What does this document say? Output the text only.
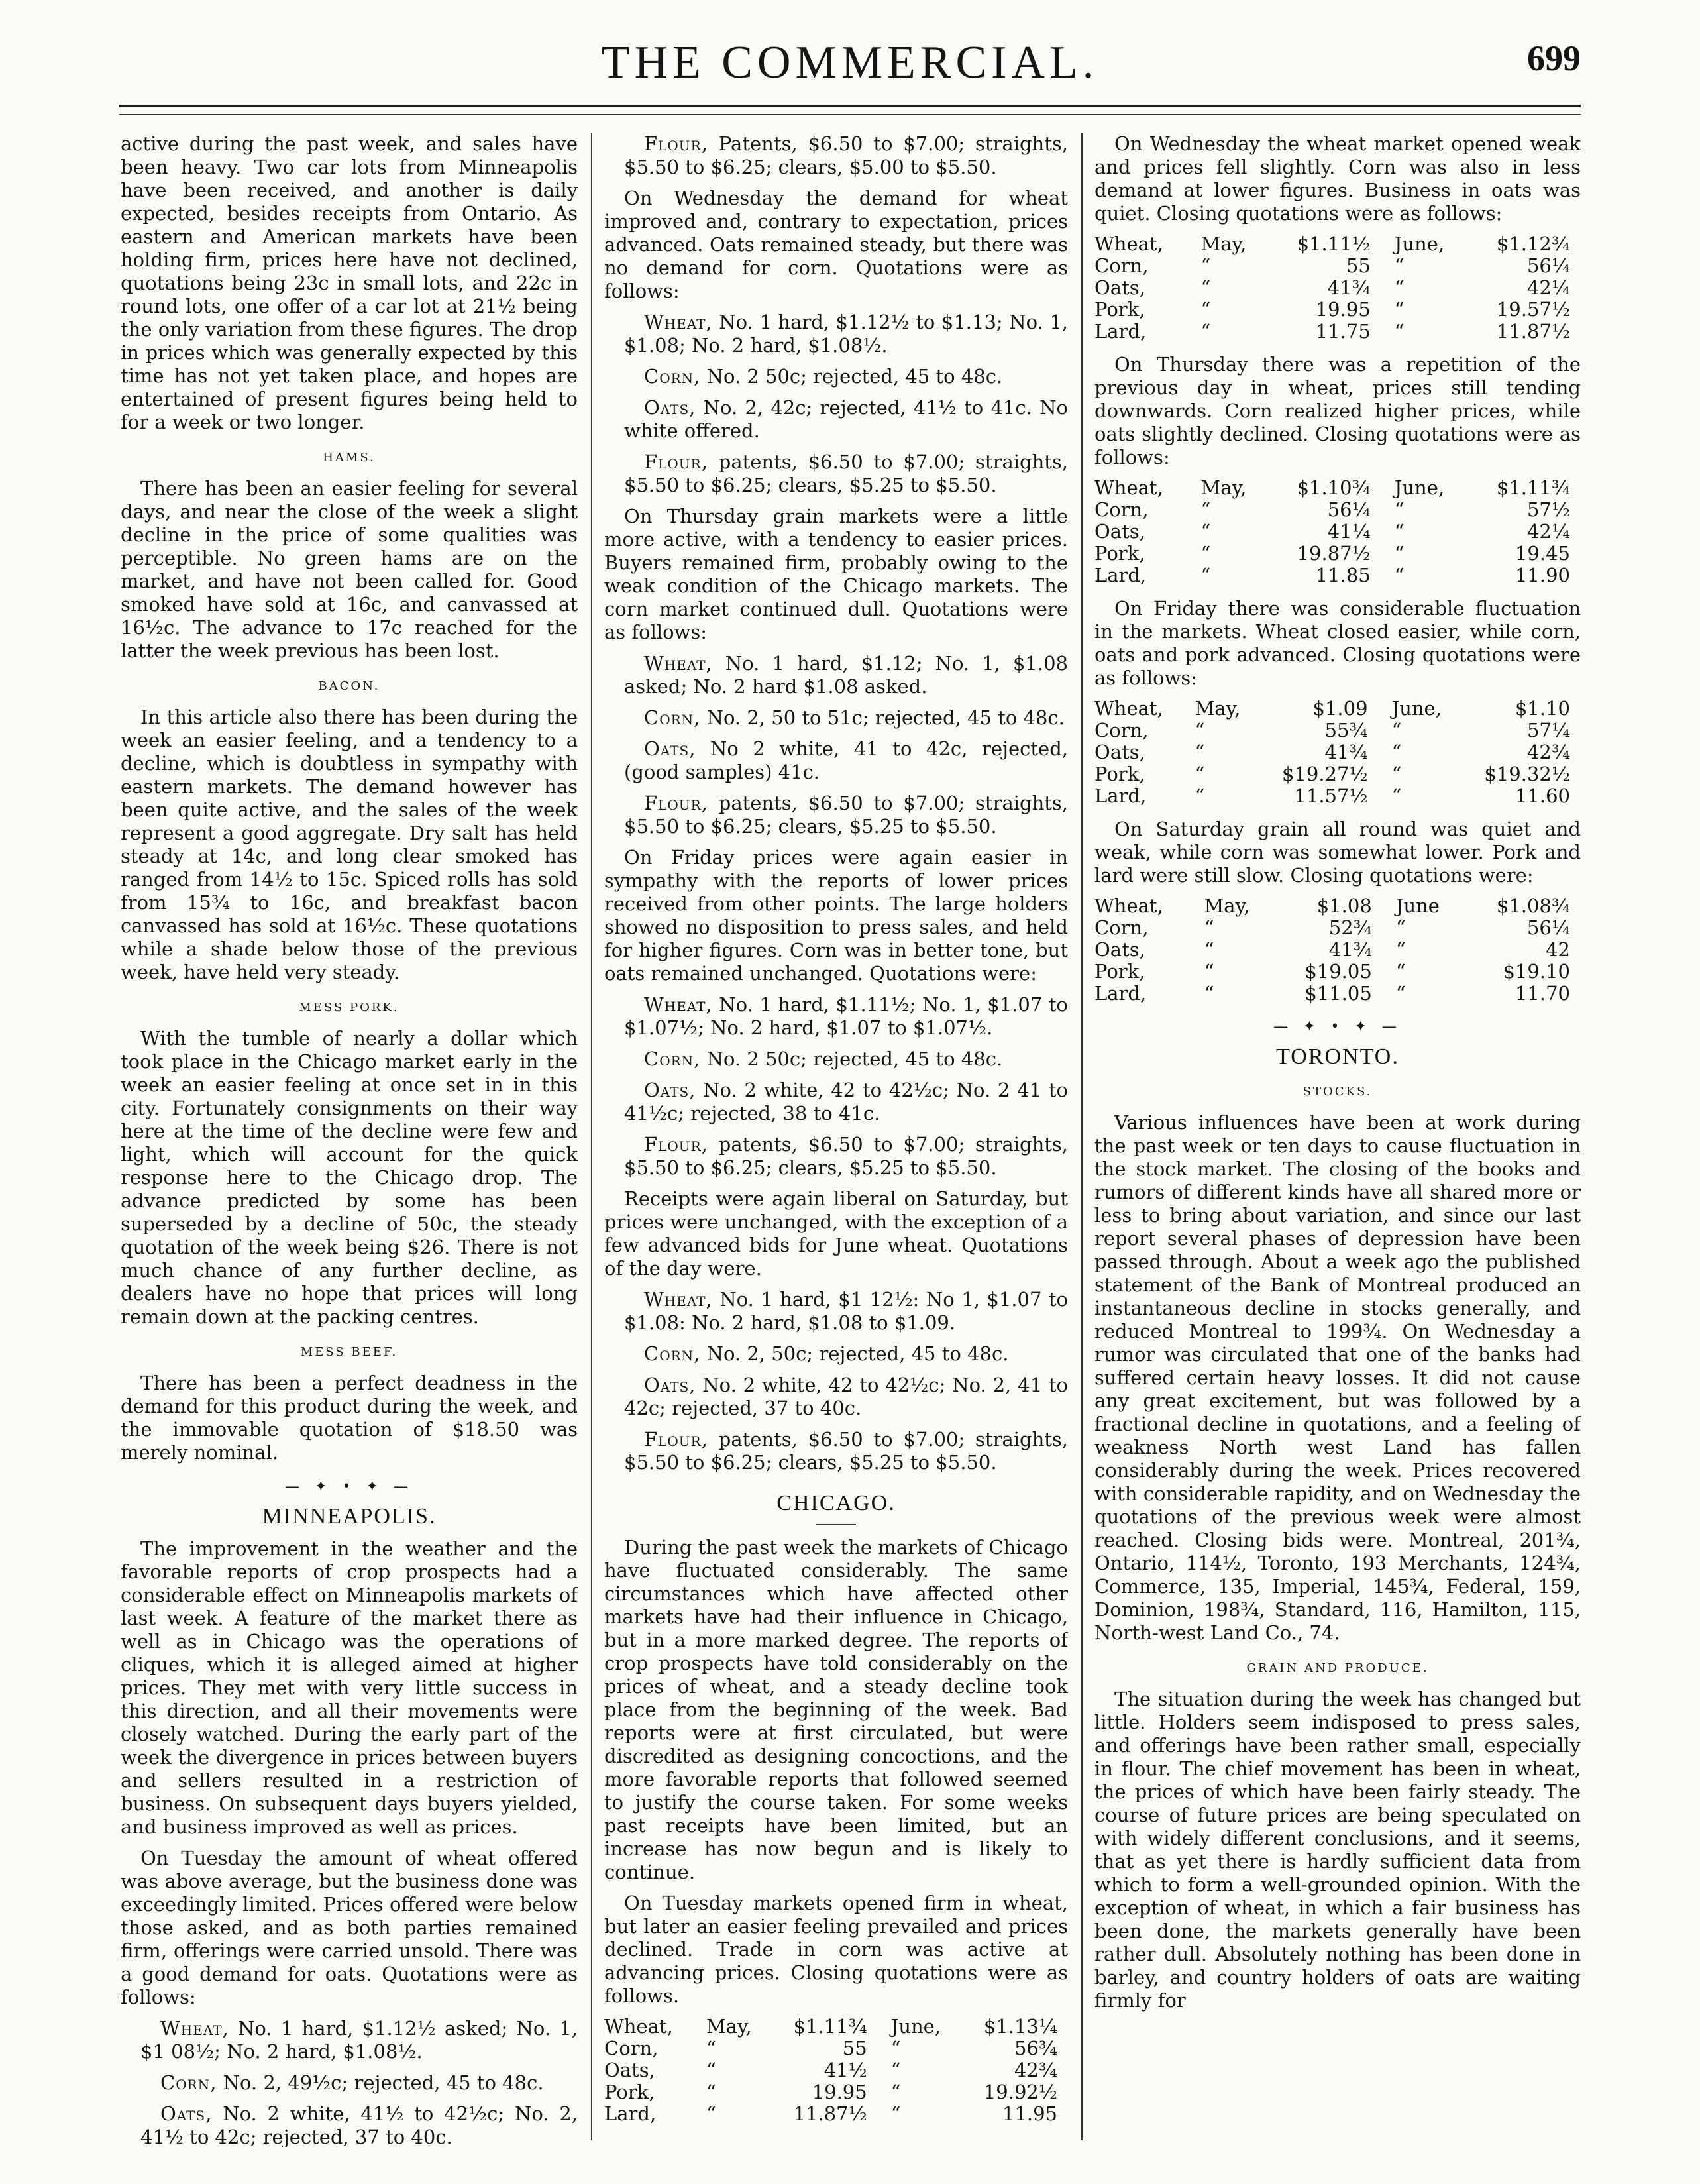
THE COMMERCIAL.	699

active during the past week, and sales have been heavy. Two car lots from Minneapolis have been received, and another is daily expected, besides receipts from Ontario. As eastern and American markets have been holding firm, prices here have not declined, quotations being 23c in small lots, and 22c in round lots, one offer of a car lot at 21½ being the only variation from these figures. The drop in prices which was generally expected by this time has not yet taken place, and hopes are entertained of present figures being held to for a week or two longer.

HAMS.

There has been an easier feeling for several days, and near the close of the week a slight decline in the price of some qualities was perceptible. No green hams are on the market, and have not been called for. Good smoked have sold at 16c, and canvassed at 16½c. The advance to 17c reached for the latter the week previous has been lost.

BACON.

In this article also there has been during the week an easier feeling, and a tendency to a decline, which is doubtless in sympathy with eastern markets. The demand however has been quite active, and the sales of the week represent a good aggregate. Dry salt has held steady at 14c, and long clear smoked has ranged from 14½ to 15c. Spiced rolls has sold from 15¾ to 16c, and breakfast bacon canvassed has sold at 16½c. These quotations while a shade below those of the previous week, have held very steady.

MESS PORK.

With the tumble of nearly a dollar which took place in the Chicago market early in the week an easier feeling at once set in in this city. Fortunately consignments on their way here at the time of the decline were few and light, which will account for the quick response here to the Chicago drop. The advance predicted by some has been superseded by a decline of 50c, the steady quotation of the week being $26. There is not much chance of any further decline, as dealers have no hope that prices will long remain down at the packing centres.

MESS BEEF.

There has been a perfect deadness in the demand for this product during the week, and the immovable quotation of $18.50 was merely nominal.

— ✦ • ✦ —
MINNEAPOLIS.

The improvement in the weather and the favorable reports of crop prospects had a considerable effect on Minneapolis markets of last week. A feature of the market there as well as in Chicago was the operations of cliques, which it is alleged aimed at higher prices. They met with very little success in this direction, and all their movements were closely watched. During the early part of the week the divergence in prices between buyers and sellers resulted in a restriction of business. On subsequent days buyers yielded, and business improved as well as prices.

On Tuesday the amount of wheat offered was above average, but the business done was exceedingly limited. Prices offered were below those asked, and as both parties remained firm, offerings were carried unsold. There was a good demand for oats. Quotations were as follows:

Wheat, No. 1 hard, $1.12½ asked; No. 1, $1 08½; No. 2 hard, $1.08½.

Corn, No. 2, 49½c; rejected, 45 to 48c.

Oats, No. 2 white, 41½ to 42½c; No. 2, 41½ to 42c; rejected, 37 to 40c.

Flour, Patents, $6.50 to $7.00; straights, $5.50 to $6.25; clears, $5.00 to $5.50.

On Wednesday the demand for wheat improved and, contrary to expectation, prices advanced. Oats remained steady, but there was no demand for corn. Quotations were as follows:

Wheat, No. 1 hard, $1.12½ to $1.13; No. 1, $1.08; No. 2 hard, $1.08½.

Corn, No. 2 50c; rejected, 45 to 48c.

Oats, No. 2, 42c; rejected, 41½ to 41c. No white offered.

Flour, patents, $6.50 to $7.00; straights, $5.50 to $6.25; clears, $5.25 to $5.50.

On Thursday grain markets were a little more active, with a tendency to easier prices. Buyers remained firm, probably owing to the weak condition of the Chicago markets. The corn market continued dull. Quotations were as follows:

Wheat, No. 1 hard, $1.12; No. 1, $1.08 asked; No. 2 hard $1.08 asked.

Corn, No. 2, 50 to 51c; rejected, 45 to 48c.

Oats, No 2 white, 41 to 42c, rejected, (good samples) 41c.

Flour, patents, $6.50 to $7.00; straights, $5.50 to $6.25; clears, $5.25 to $5.50.

On Friday prices were again easier in sympathy with the reports of lower prices received from other points. The large holders showed no disposition to press sales, and held for higher figures. Corn was in better tone, but oats remained unchanged. Quotations were:

Wheat, No. 1 hard, $1.11½; No. 1, $1.07 to $1.07½; No. 2 hard, $1.07 to $1.07½.

Corn, No. 2 50c; rejected, 45 to 48c.

Oats, No. 2 white, 42 to 42½c; No. 2 41 to 41½c; rejected, 38 to 41c.

Flour, patents, $6.50 to $7.00; straights, $5.50 to $6.25; clears, $5.25 to $5.50.

Receipts were again liberal on Saturday, but prices were unchanged, with the exception of a few advanced bids for June wheat. Quotations of the day were.

Wheat, No. 1 hard, $1 12½: No 1, $1.07 to $1.08: No. 2 hard, $1.08 to $1.09.

Corn, No. 2, 50c; rejected, 45 to 48c.

Oats, No. 2 white, 42 to 42½c; No. 2, 41 to 42c; rejected, 37 to 40c.

Flour, patents, $6.50 to $7.00; straights, $5.50 to $6.25; clears, $5.25 to $5.50.

CHICAGO.

During the past week the markets of Chicago have fluctuated considerably. The same circumstances which have affected other markets have had their influence in Chicago, but in a more marked degree. The reports of crop prospects have told considerably on the prices of wheat, and a steady decline took place from the beginning of the week. Bad reports were at first circulated, but were discredited as designing concoctions, and the more favorable reports that followed seemed to justify the course taken. For some weeks past receipts have been limited, but an increase has now begun and is likely to continue.

On Tuesday markets opened firm in wheat, but later an easier feeling prevailed and prices declined. Trade in corn was active at advancing prices. Closing quotations were as follows.

Wheat,	May,	$1.11¾	June,	$1.13¼
Corn,	“	55	“	56¾
Oats,	“	41½	“	42¾
Pork,	“	19.95	“	19.92½
Lard,	“	11.87½	“	11.95

On Wednesday the wheat market opened weak and prices fell slightly. Corn was also in less demand at lower figures. Business in oats was quiet. Closing quotations were as follows:

Wheat,	May,	$1.11½	June,	$1.12¾
Corn,	“	55	“	56¼
Oats,	“	41¾	“	42¼
Pork,	“	19.95	“	19.57½
Lard,	“	11.75	“	11.87½

On Thursday there was a repetition of the previous day in wheat, prices still tending downwards. Corn realized higher prices, while oats slightly declined. Closing quotations were as follows:

Wheat,	May,	$1.10¾	June,	$1.11¾
Corn,	“	56¼	“	57½
Oats,	“	41¼	“	42¼
Pork,	“	19.87½	“	19.45
Lard,	“	11.85	“	11.90

On Friday there was considerable fluctuation in the markets. Wheat closed easier, while corn, oats and pork advanced. Closing quotations were as follows:

Wheat,	May,	$1.09	June,	$1.10
Corn,	“	55¾	“	57¼
Oats,	“	41¾	“	42¾
Pork,	“	$19.27½	“	$19.32½
Lard,	“	11.57½	“	11.60

On Saturday grain all round was quiet and weak, while corn was somewhat lower. Pork and lard were still slow. Closing quotations were:

Wheat,	May,	$1.08	June	$1.08¾
Corn,	“	52¾	“	56¼
Oats,	“	41¾	“	42
Pork,	“	$19.05	“	$19.10
Lard,	“	$11.05	“	11.70
— ✦ • ✦ —
TORONTO.
STOCKS.

Various influences have been at work during the past week or ten days to cause fluctuation in the stock market. The closing of the books and rumors of different kinds have all shared more or less to bring about variation, and since our last report several phases of depression have been passed through. About a week ago the published statement of the Bank of Montreal produced an instantaneous decline in stocks generally, and reduced Montreal to 199¾. On Wednesday a rumor was circulated that one of the banks had suffered certain heavy losses. It did not cause any great excitement, but was followed by a fractional decline in quotations, and a feeling of weakness North west Land has fallen considerably during the week. Prices recovered with considerable rapidity, and on Wednesday the quotations of the previous week were almost reached. Closing bids were. Montreal, 201¾, Ontario, 114½, Toronto, 193 Merchants, 124¾, Commerce, 135, Imperial, 145¾, Federal, 159, Dominion, 198¾, Standard, 116, Hamilton, 115, North-west Land Co., 74.

GRAIN AND PRODUCE.

The situation during the week has changed but little. Holders seem indisposed to press sales, and offerings have been rather small, especially in flour. The chief movement has been in wheat, the prices of which have been fairly steady. The course of future prices are being speculated on with widely different conclusions, and it seems, that as yet there is hardly sufficient data from which to form a well-grounded opinion. With the exception of wheat, in which a fair business has been done, the markets generally have been rather dull. Absolutely nothing has been done in barley, and country holders of oats are waiting firmly for
